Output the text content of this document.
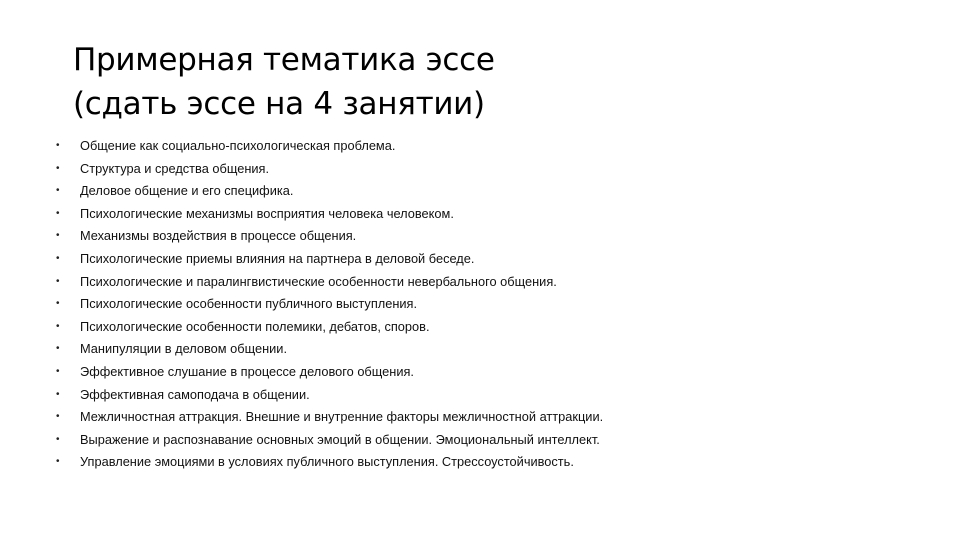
Примерная тематика эссе
(сдать эссе на 4 занятии)
•	Общение как социально-психологическая проблема.
•	Структура и средства общения.
•	Деловое общение и его специфика.
•	Психологические механизмы восприятия человека человеком.
•	Механизмы воздействия в процессе общения.
•	Психологические приемы влияния на партнера в деловой беседе.
•	Психологические и паралингвистические особенности невербального общения.
•	Психологические особенности публичного выступления.
•	Психологические особенности полемики, дебатов, споров.
•	Манипуляции в деловом общении.
•	Эффективное слушание в процессе делового общения.
•	Эффективная самоподача в общении.
•	Межличностная аттракция. Внешние и внутренние факторы межличностной аттракции.
•	Выражение и распознавание основных эмоций в общении. Эмоциональный интеллект.
•	Управление эмоциями в условиях публичного выступления. Стрессоустойчивость.
